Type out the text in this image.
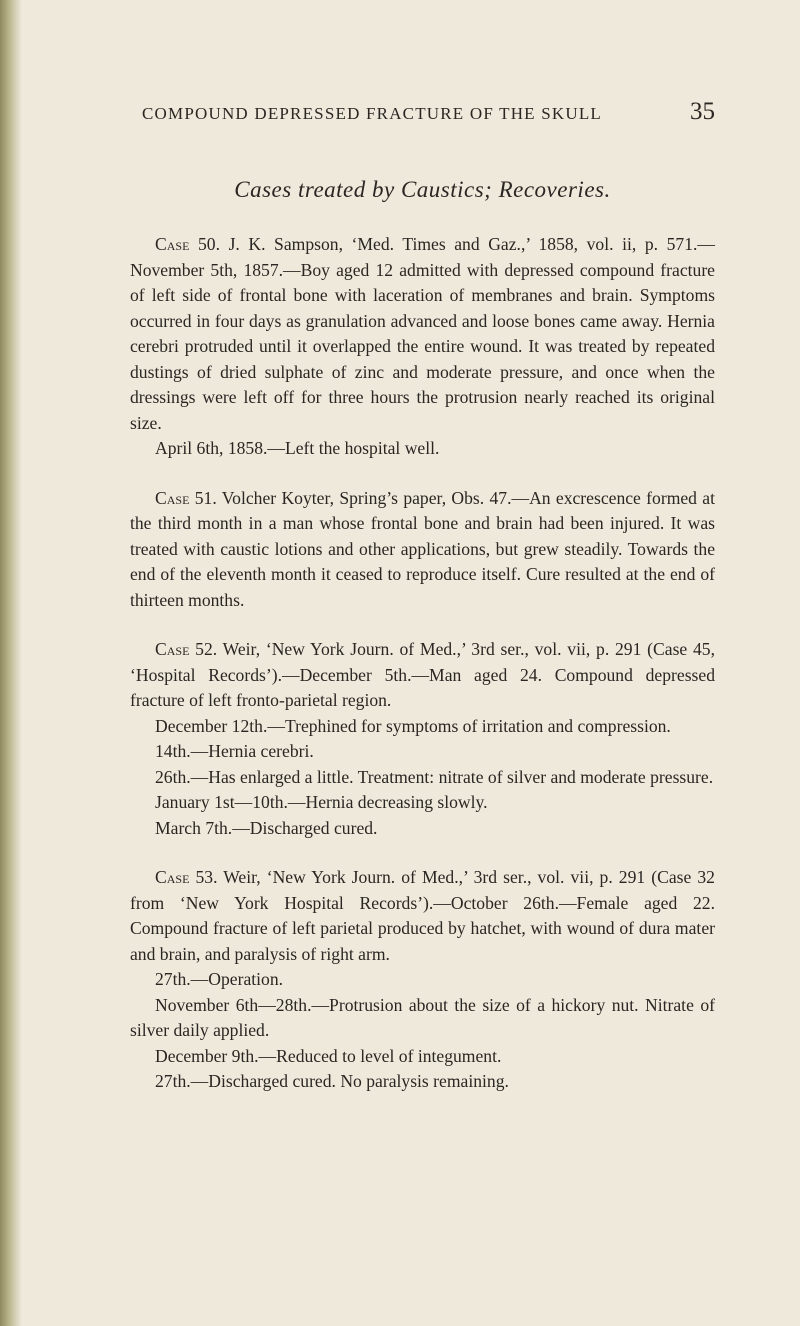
COMPOUND DEPRESSED FRACTURE OF THE SKULL	35
Cases treated by Caustics; Recoveries.

Case 50. J. K. Sampson, ‘Med. Times and Gaz.,’ 1858, vol. ii, p. 571.—November 5th, 1857.—Boy aged 12 admitted with depressed compound fracture of left side of frontal bone with laceration of membranes and brain. Symptoms occurred in four days as granulation advanced and loose bones came away. Hernia cerebri protruded until it overlapped the entire wound. It was treated by repeated dustings of dried sulphate of zinc and moderate pressure, and once when the dressings were left off for three hours the protrusion nearly reached its original size.

April 6th, 1858.—Left the hospital well.

Case 51. Volcher Koyter, Spring’s paper, Obs. 47.—An excrescence formed at the third month in a man whose frontal bone and brain had been injured. It was treated with caustic lotions and other applications, but grew steadily. Towards the end of the eleventh month it ceased to reproduce itself. Cure resulted at the end of thirteen months.

Case 52. Weir, ‘New York Journ. of Med.,’ 3rd ser., vol. vii, p. 291 (Case 45, ‘Hospital Records’).—December 5th.—Man aged 24. Compound depressed fracture of left fronto-parietal region.

December 12th.—Trephined for symptoms of irritation and compression.

14th.—Hernia cerebri.

26th.—Has enlarged a little. Treatment: nitrate of silver and moderate pressure.

January 1st—10th.—Hernia decreasing slowly.

March 7th.—Discharged cured.

Case 53. Weir, ‘New York Journ. of Med.,’ 3rd ser., vol. vii, p. 291 (Case 32 from ‘New York Hospital Records’).—October 26th.—Female aged 22. Compound fracture of left parietal produced by hatchet, with wound of dura mater and brain, and paralysis of right arm.

27th.—Operation.

November 6th—28th.—Protrusion about the size of a hickory nut. Nitrate of silver daily applied.

December 9th.—Reduced to level of integument.

27th.—Discharged cured. No paralysis remaining.
